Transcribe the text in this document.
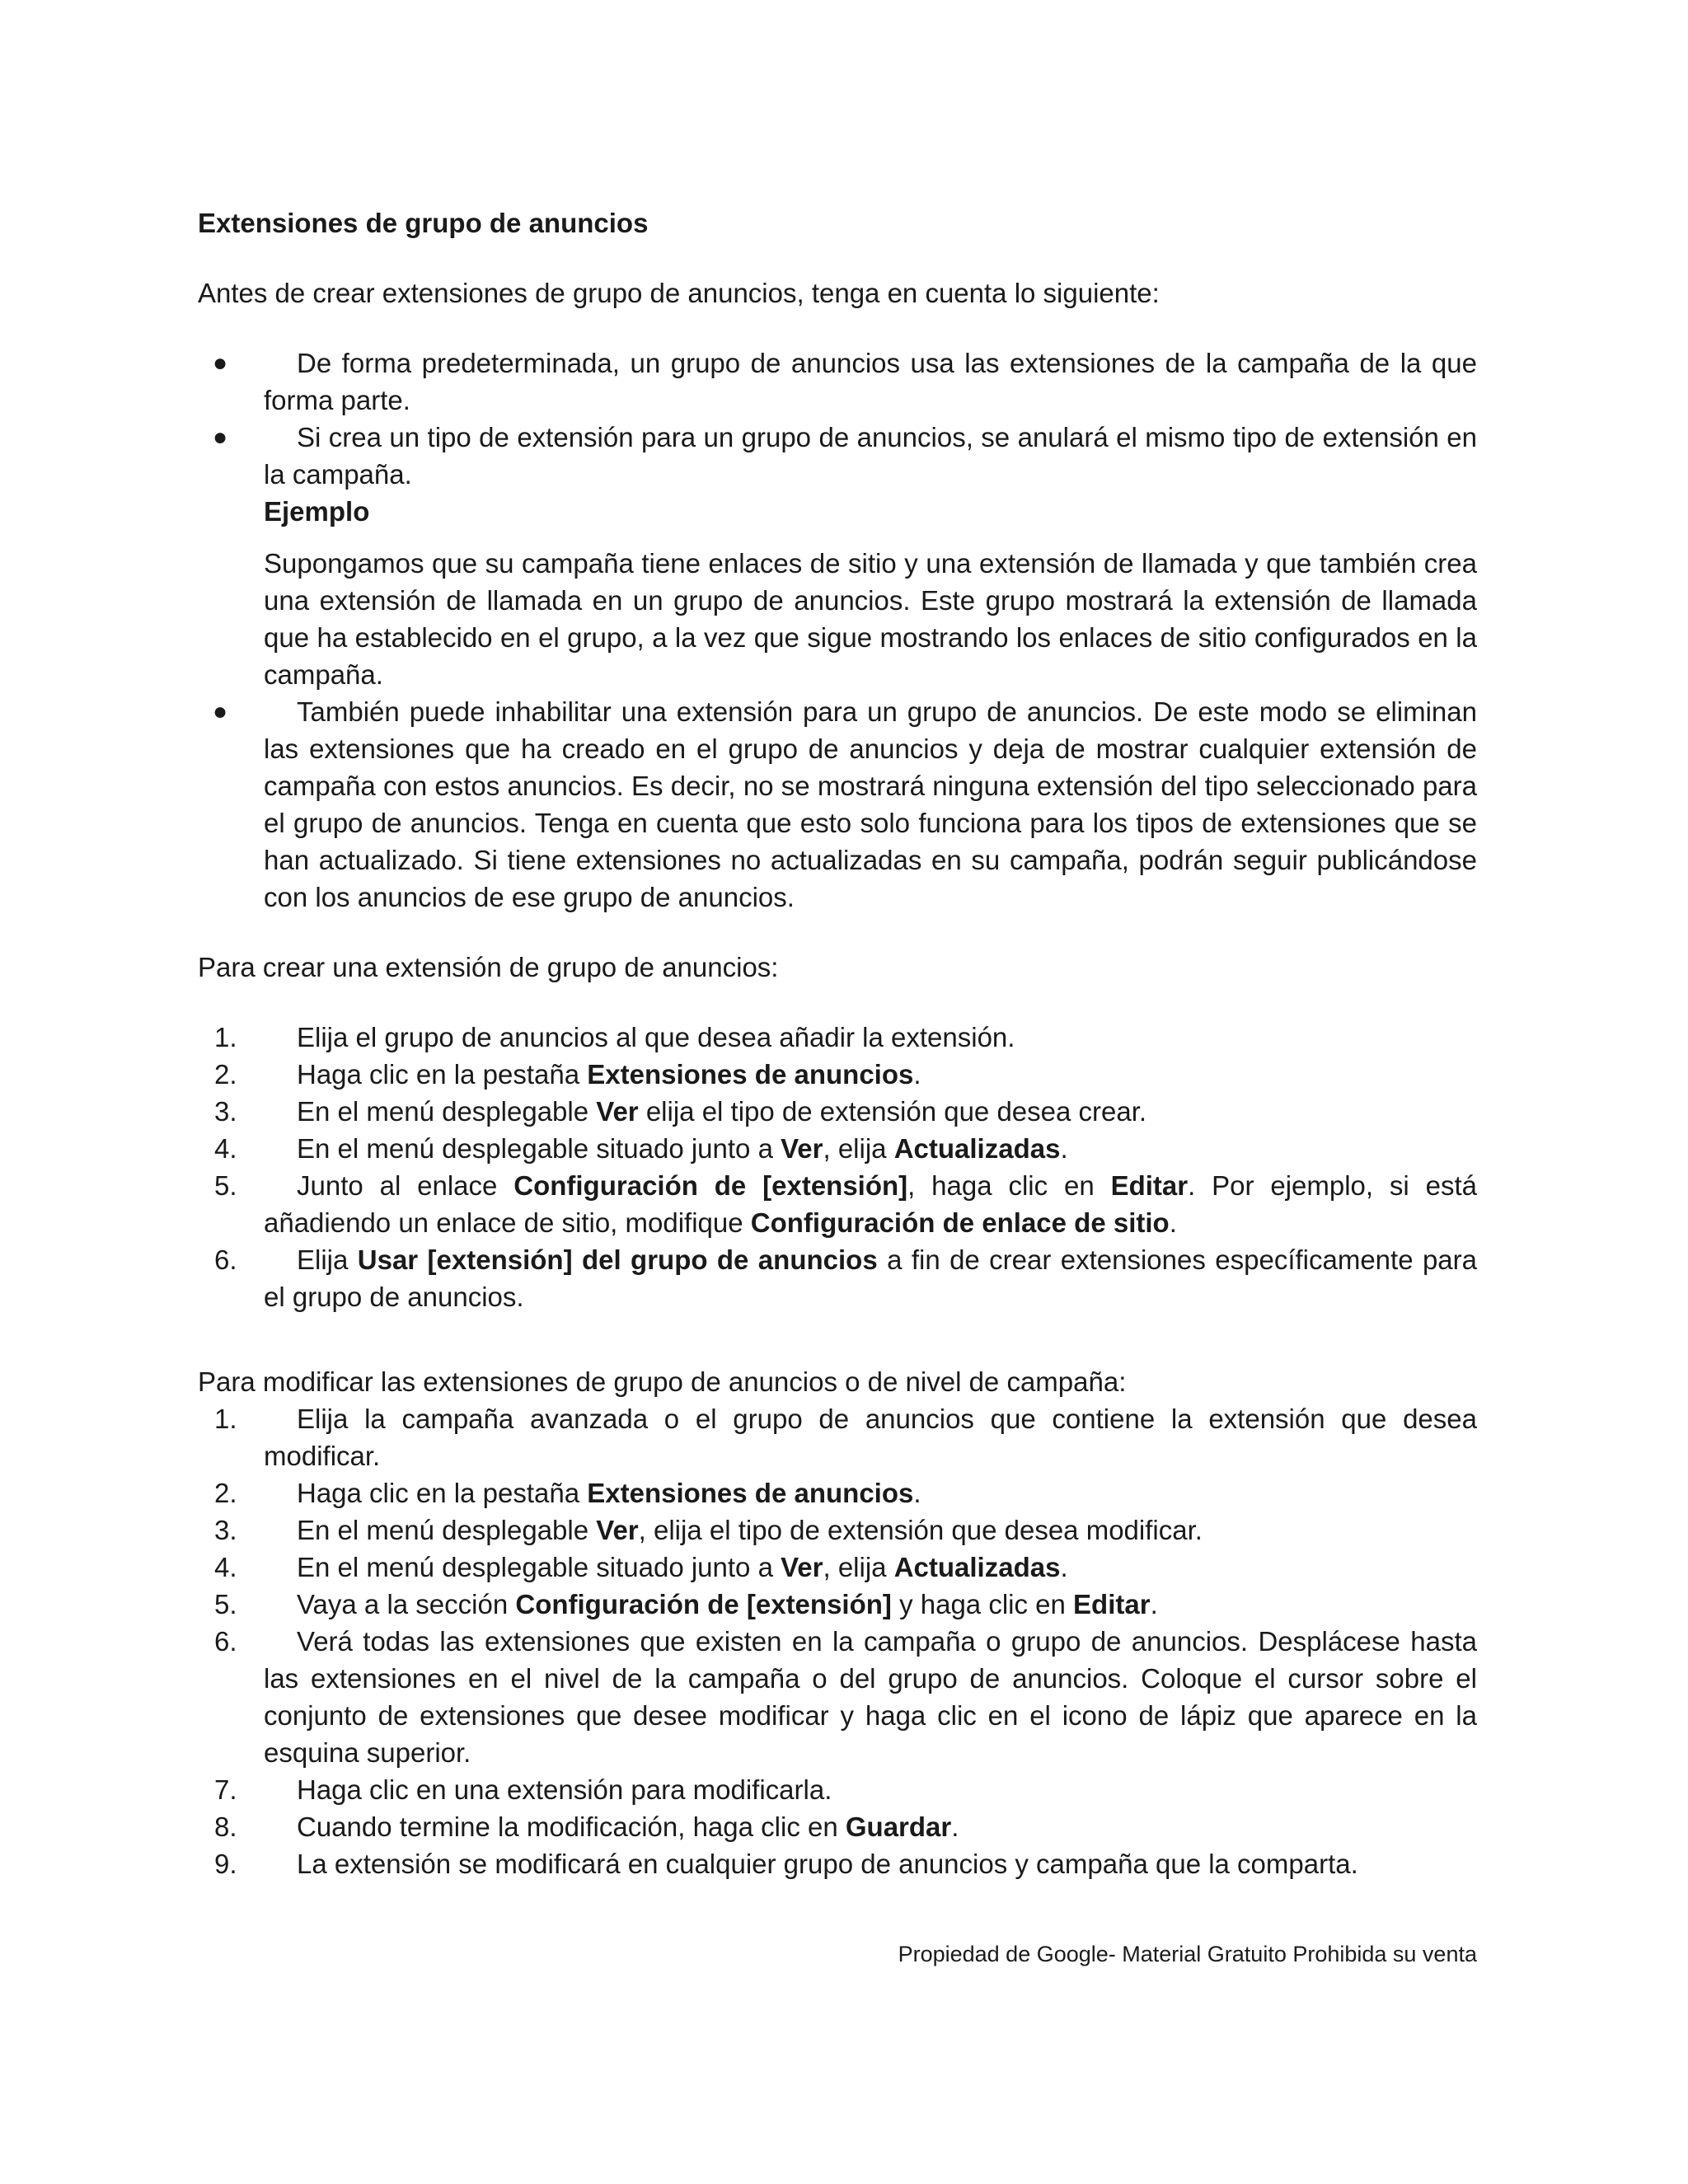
Extensiones de grupo de anuncios

Antes de crear extensiones de grupo de anuncios, tenga en cuenta lo siguiente:

●	De forma predeterminada, un grupo de anuncios usa las extensiones de la campaña de la que forma parte.
●	Si crea un tipo de extensión para un grupo de anuncios, se anulará el mismo tipo de extensión en la campaña.

Ejemplo

Supongamos que su campaña tiene enlaces de sitio y una extensión de llamada y que también crea una extensión de llamada en un grupo de anuncios. Este grupo mostrará la extensión de llamada que ha establecido en el grupo, a la vez que sigue mostrando los enlaces de sitio configurados en la campaña.

●	También puede inhabilitar una extensión para un grupo de anuncios. De este modo se eliminan las extensiones que ha creado en el grupo de anuncios y deja de mostrar cualquier extensión de campaña con estos anuncios. Es decir, no se mostrará ninguna extensión del tipo seleccionado para el grupo de anuncios. Tenga en cuenta que esto solo funciona para los tipos de extensiones que se han actualizado. Si tiene extensiones no actualizadas en su campaña, podrán seguir publicándose con los anuncios de ese grupo de anuncios.

Para crear una extensión de grupo de anuncios:

1.	Elija el grupo de anuncios al que desea añadir la extensión.
2.	Haga clic en la pestaña Extensiones de anuncios.
3.	En el menú desplegable Ver elija el tipo de extensión que desea crear.
4.	En el menú desplegable situado junto a Ver, elija Actualizadas.
5.	Junto al enlace Configuración de [extensión], haga clic en Editar. Por ejemplo, si está añadiendo un enlace de sitio, modifique Configuración de enlace de sitio.
6.	Elija Usar [extensión] del grupo de anuncios a fin de crear extensiones específicamente para el grupo de anuncios.

Para modificar las extensiones de grupo de anuncios o de nivel de campaña:

1.	Elija la campaña avanzada o el grupo de anuncios que contiene la extensión que desea modificar.
2.	Haga clic en la pestaña Extensiones de anuncios.
3.	En el menú desplegable Ver, elija el tipo de extensión que desea modificar.
4.	En el menú desplegable situado junto a Ver, elija Actualizadas.
5.	Vaya a la sección Configuración de [extensión] y haga clic en Editar.
6.	Verá todas las extensiones que existen en la campaña o grupo de anuncios. Desplácese hasta las extensiones en el nivel de la campaña o del grupo de anuncios. Coloque el cursor sobre el conjunto de extensiones que desee modificar y haga clic en el icono de lápiz que aparece en la esquina superior.
7.	Haga clic en una extensión para modificarla.
8.	Cuando termine la modificación, haga clic en Guardar.
9.	La extensión se modificará en cualquier grupo de anuncios y campaña que la comparta.
Propiedad de Google- Material Gratuito Prohibida su venta
